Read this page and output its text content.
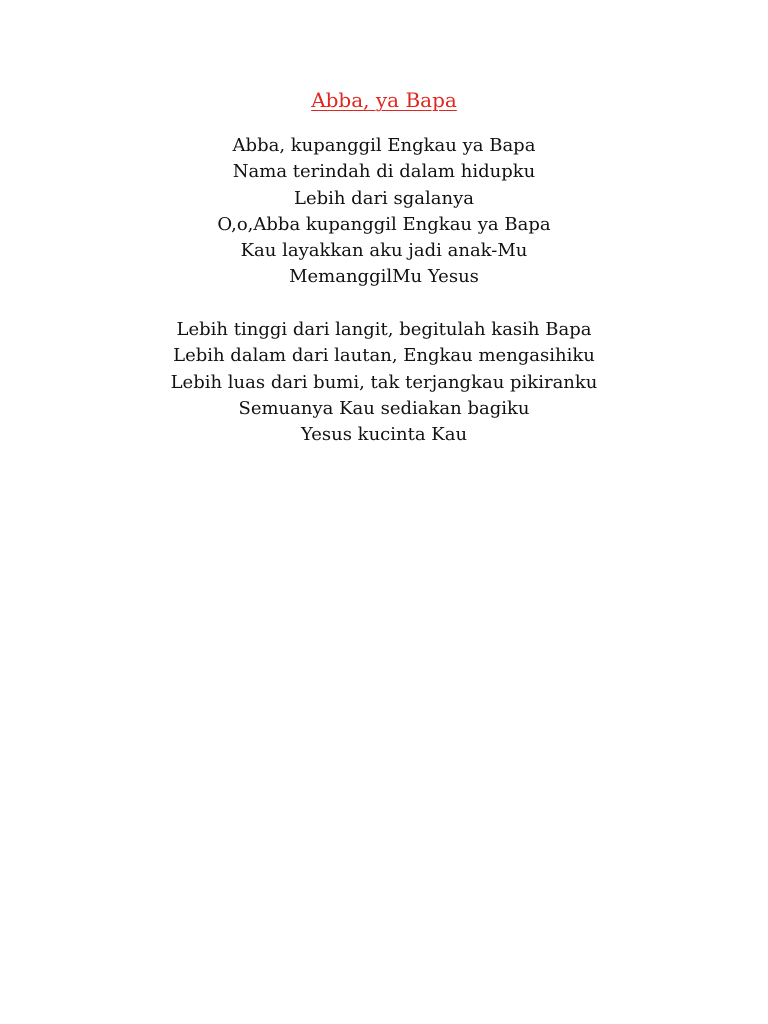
Abba, ya Bapa
Abba, kupanggil Engkau ya Bapa
Nama terindah di dalam hidupku
Lebih dari sgalanya
O,o,Abba kupanggil Engkau ya Bapa
Kau layakkan aku jadi anak-Mu
MemanggilMu Yesus
Lebih tinggi dari langit, begitulah kasih Bapa
Lebih dalam dari lautan, Engkau mengasihiku
Lebih luas dari bumi, tak terjangkau pikiranku
Semuanya Kau sediakan bagiku
Yesus kucinta Kau
